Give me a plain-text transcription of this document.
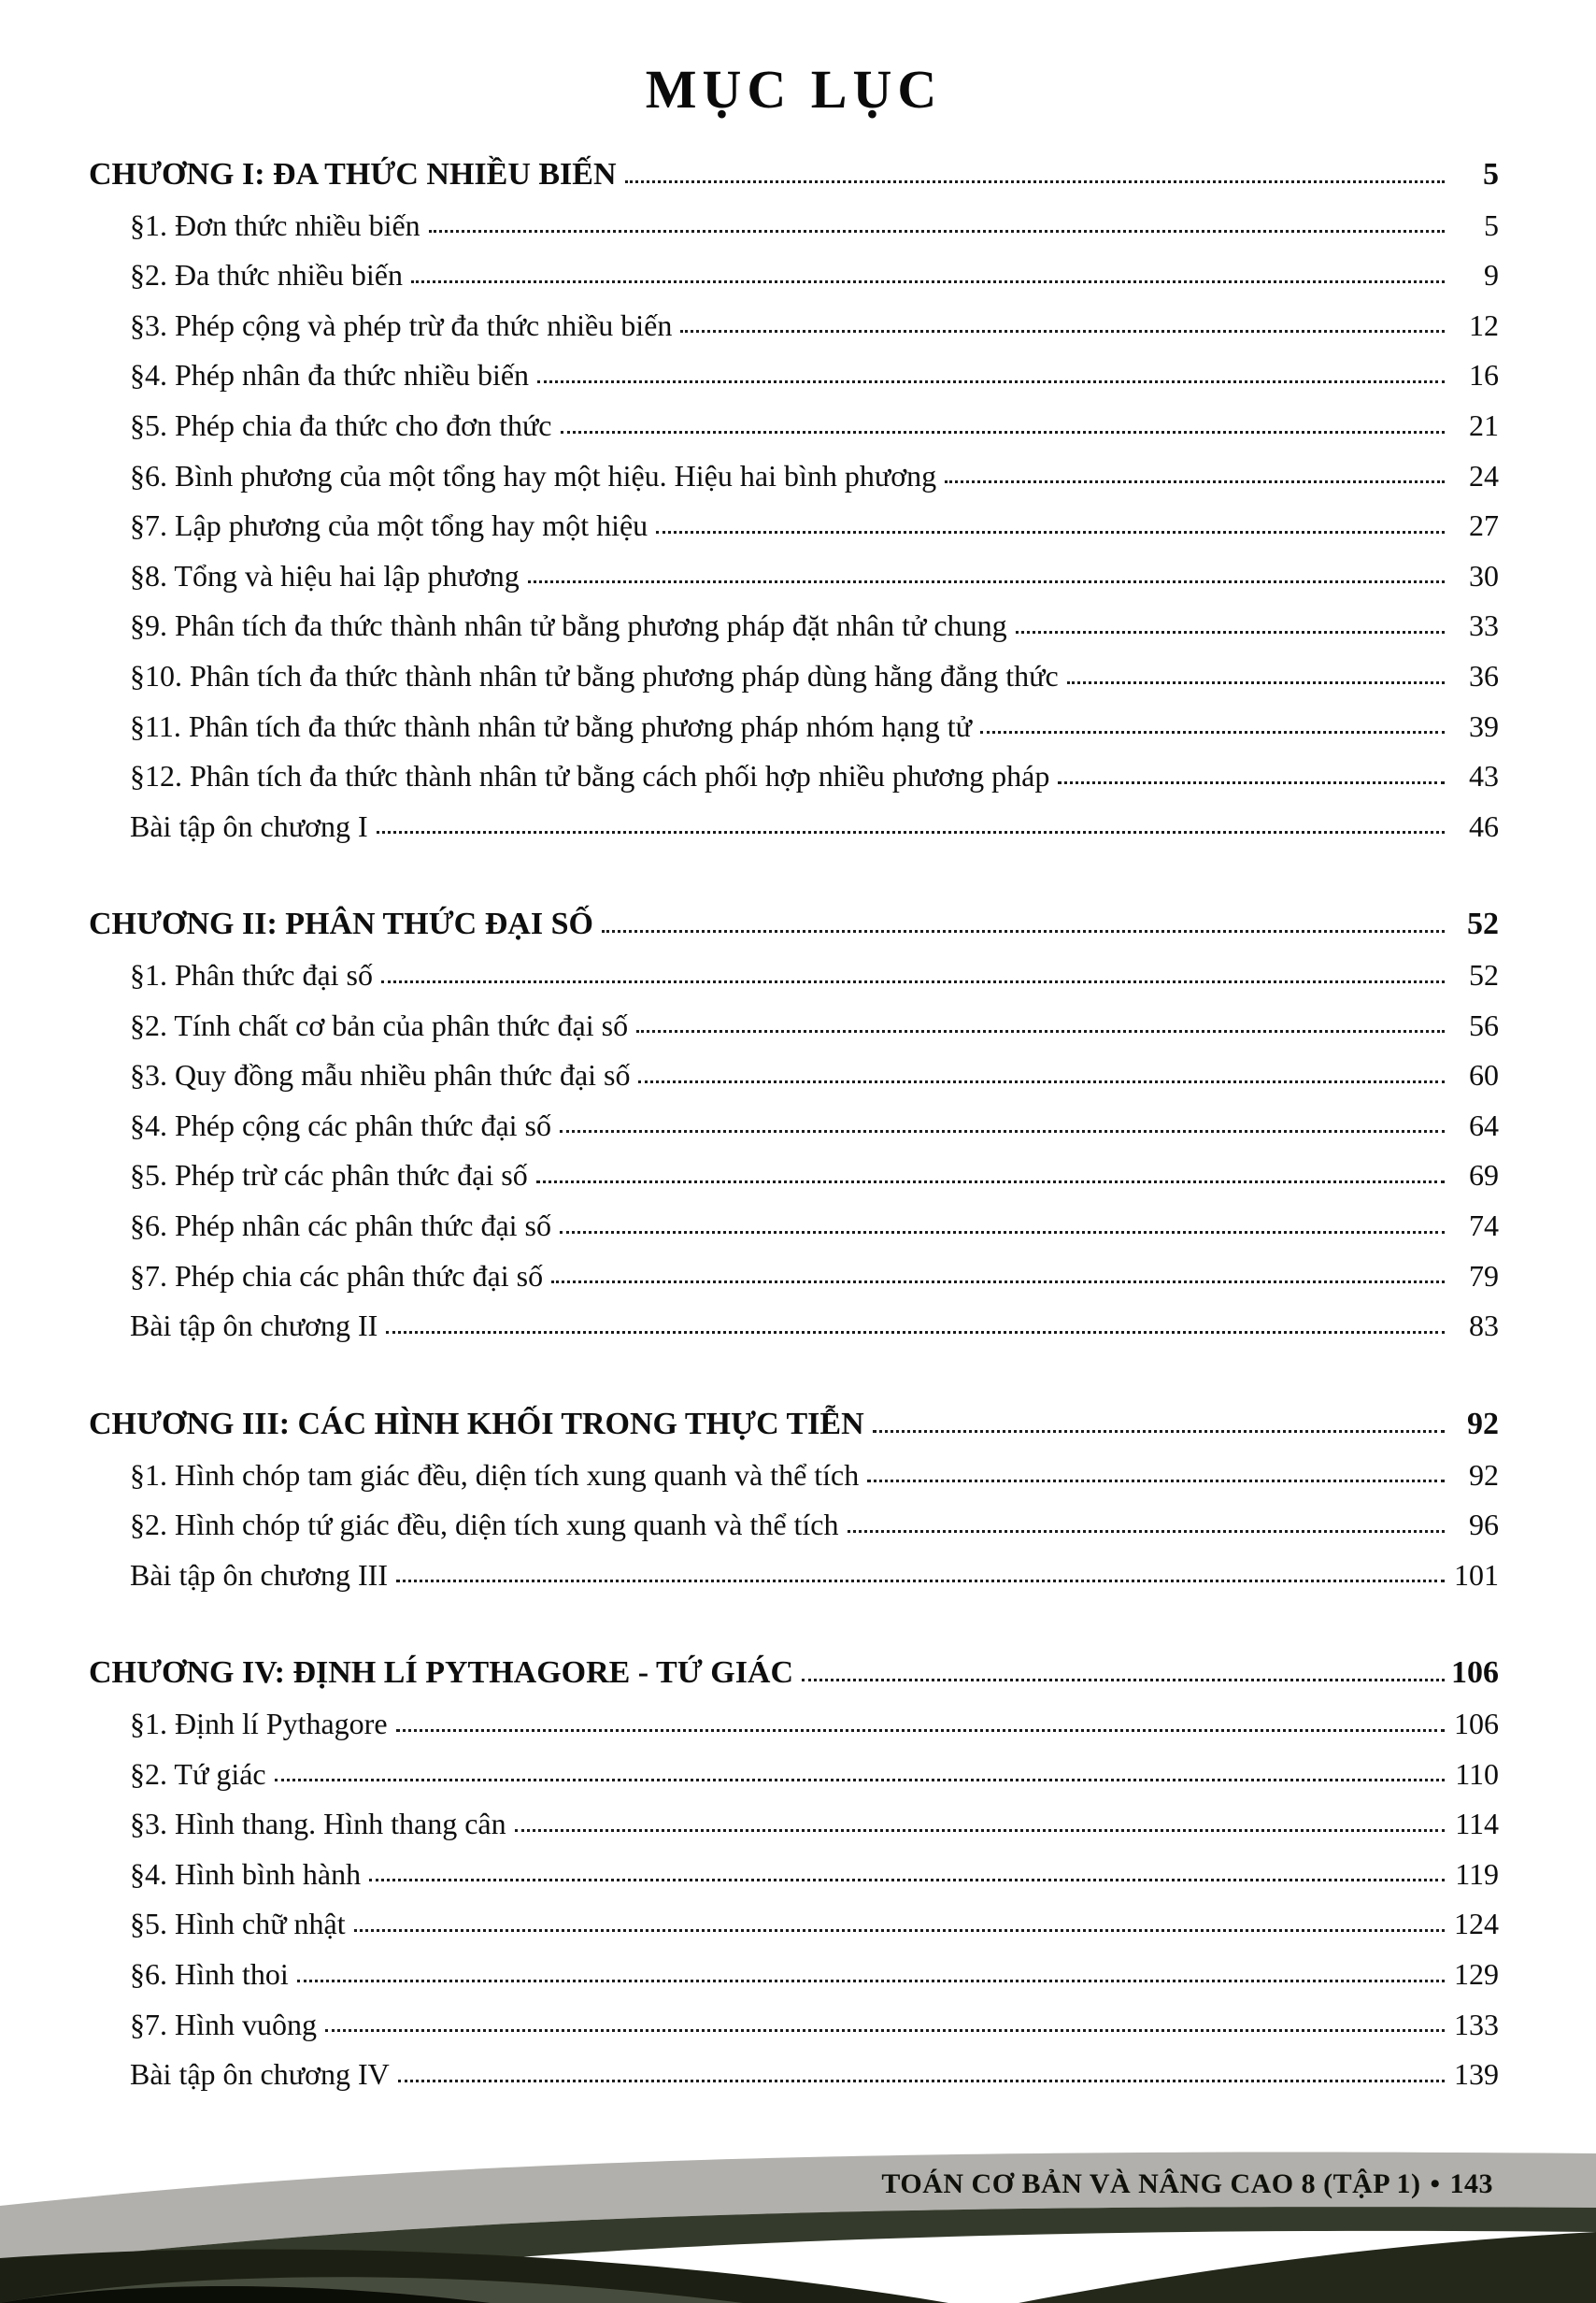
MỤC LỤC
CHƯƠNG I: ĐA THỨC NHIỀU BIẾN	5
§1. Đơn thức nhiều biến	5
§2. Đa thức nhiều biến	9
§3. Phép cộng và phép trừ đa thức nhiều biến	12
§4. Phép nhân đa thức nhiều biến	16
§5. Phép chia đa thức cho đơn thức	21
§6. Bình phương của một tổng hay một hiệu. Hiệu hai bình phương	24
§7. Lập phương của một tổng hay một hiệu	27
§8. Tổng và hiệu hai lập phương	30
§9. Phân tích đa thức thành nhân tử bằng phương pháp đặt nhân tử chung	33
§10. Phân tích đa thức thành nhân tử bằng phương pháp dùng hằng đẳng thức	36
§11. Phân tích đa thức thành nhân tử bằng phương pháp nhóm hạng tử	39
§12. Phân tích đa thức thành nhân tử bằng cách phối hợp nhiều phương pháp	43
Bài tập ôn chương I	46
CHƯƠNG II: PHÂN THỨC ĐẠI SỐ	52
§1. Phân thức đại số	52
§2. Tính chất cơ bản của phân thức đại số	56
§3. Quy đồng mẫu nhiều phân thức đại số	60
§4. Phép cộng các phân thức đại số	64
§5. Phép trừ các phân thức đại số	69
§6. Phép nhân các phân thức đại số	74
§7. Phép chia các phân thức đại số	79
Bài tập ôn chương II	83
CHƯƠNG III: CÁC HÌNH KHỐI TRONG THỰC TIỄN	92
§1. Hình chóp tam giác đều, diện tích xung quanh và thể tích	92
§2. Hình chóp tứ giác đều, diện tích xung quanh và thể tích	96
Bài tập ôn chương III	101
CHƯƠNG IV: ĐỊNH LÍ PYTHAGORE - TỨ GIÁC	106
§1. Định lí Pythagore	106
§2. Tứ giác	110
§3. Hình thang. Hình thang cân	114
§4. Hình bình hành	119
§5. Hình chữ nhật	124
§6. Hình thoi	129
§7. Hình vuông	133
Bài tập ôn chương IV	139
TOÁN CƠ BẢN VÀ NÂNG CAO 8 (TẬP 1) • 143
